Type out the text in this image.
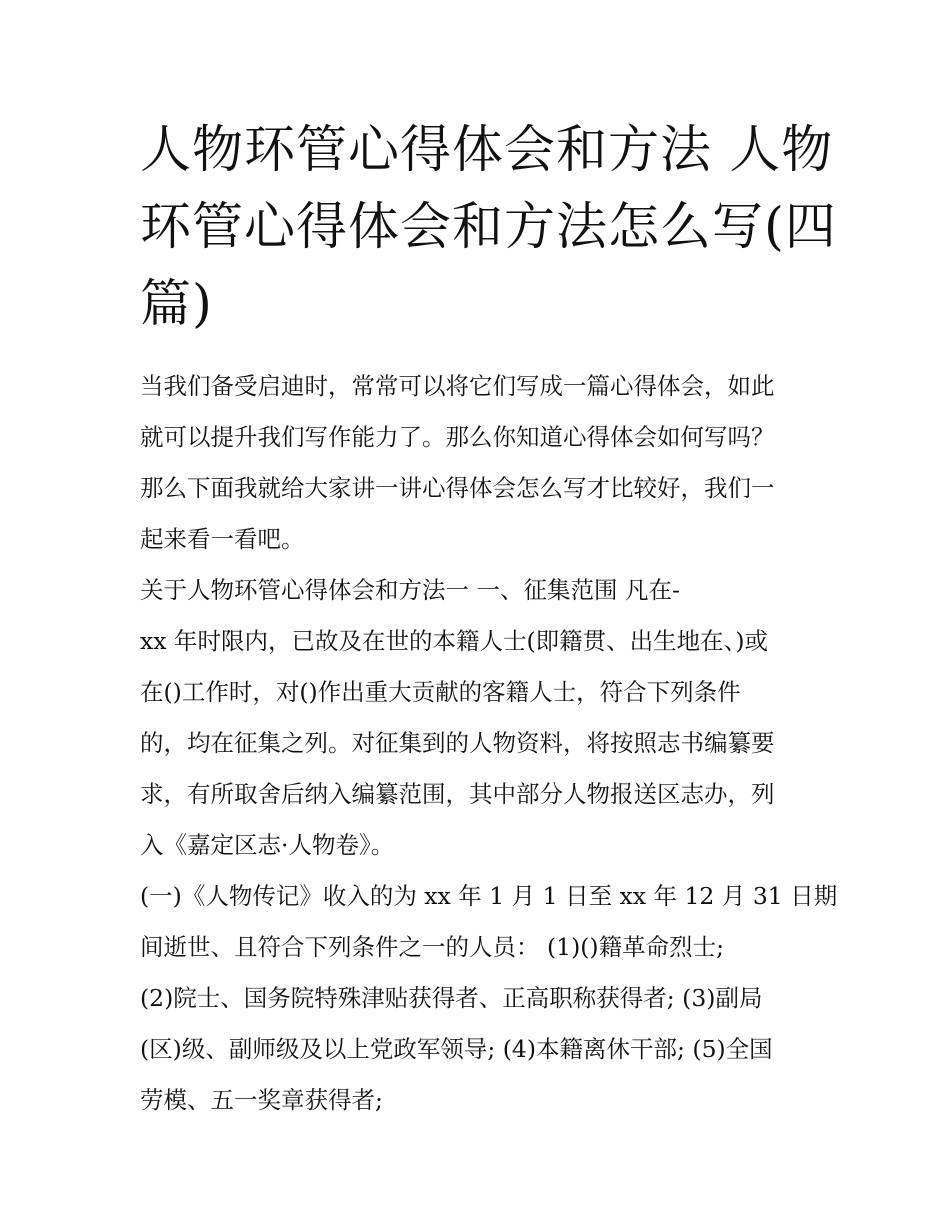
人物环管心得体会和方法 人物
环管心得体会和方法怎么写(四
篇)
当我们备受启迪时，常常可以将它们写成一篇心得体会，如此
就可以提升我们写作能力了。那么你知道心得体会如何写吗？
那么下面我就给大家讲一讲心得体会怎么写才比较好，我们一
起来看一看吧。
关于人物环管心得体会和方法一 一、征集范围 凡在-
xx 年时限内，已故及在世的本籍人士(即籍贯、出生地在、)或
在()工作时，对()作出重大贡献的客籍人士，符合下列条件
的，均在征集之列。对征集到的人物资料，将按照志书编纂要
求，有所取舍后纳入编纂范围，其中部分人物报送区志办，列
入《嘉定区志·人物卷》。
(一)《人物传记》收入的为 xx 年 1 月 1 日至 xx 年 12 月 31 日期
间逝世、且符合下列条件之一的人员： (1)()籍革命烈士;
(2)院士、国务院特殊津贴获得者、正高职称获得者; (3)副局
(区)级、副师级及以上党政军领导; (4)本籍离休干部; (5)全国
劳模、五一奖章获得者;
